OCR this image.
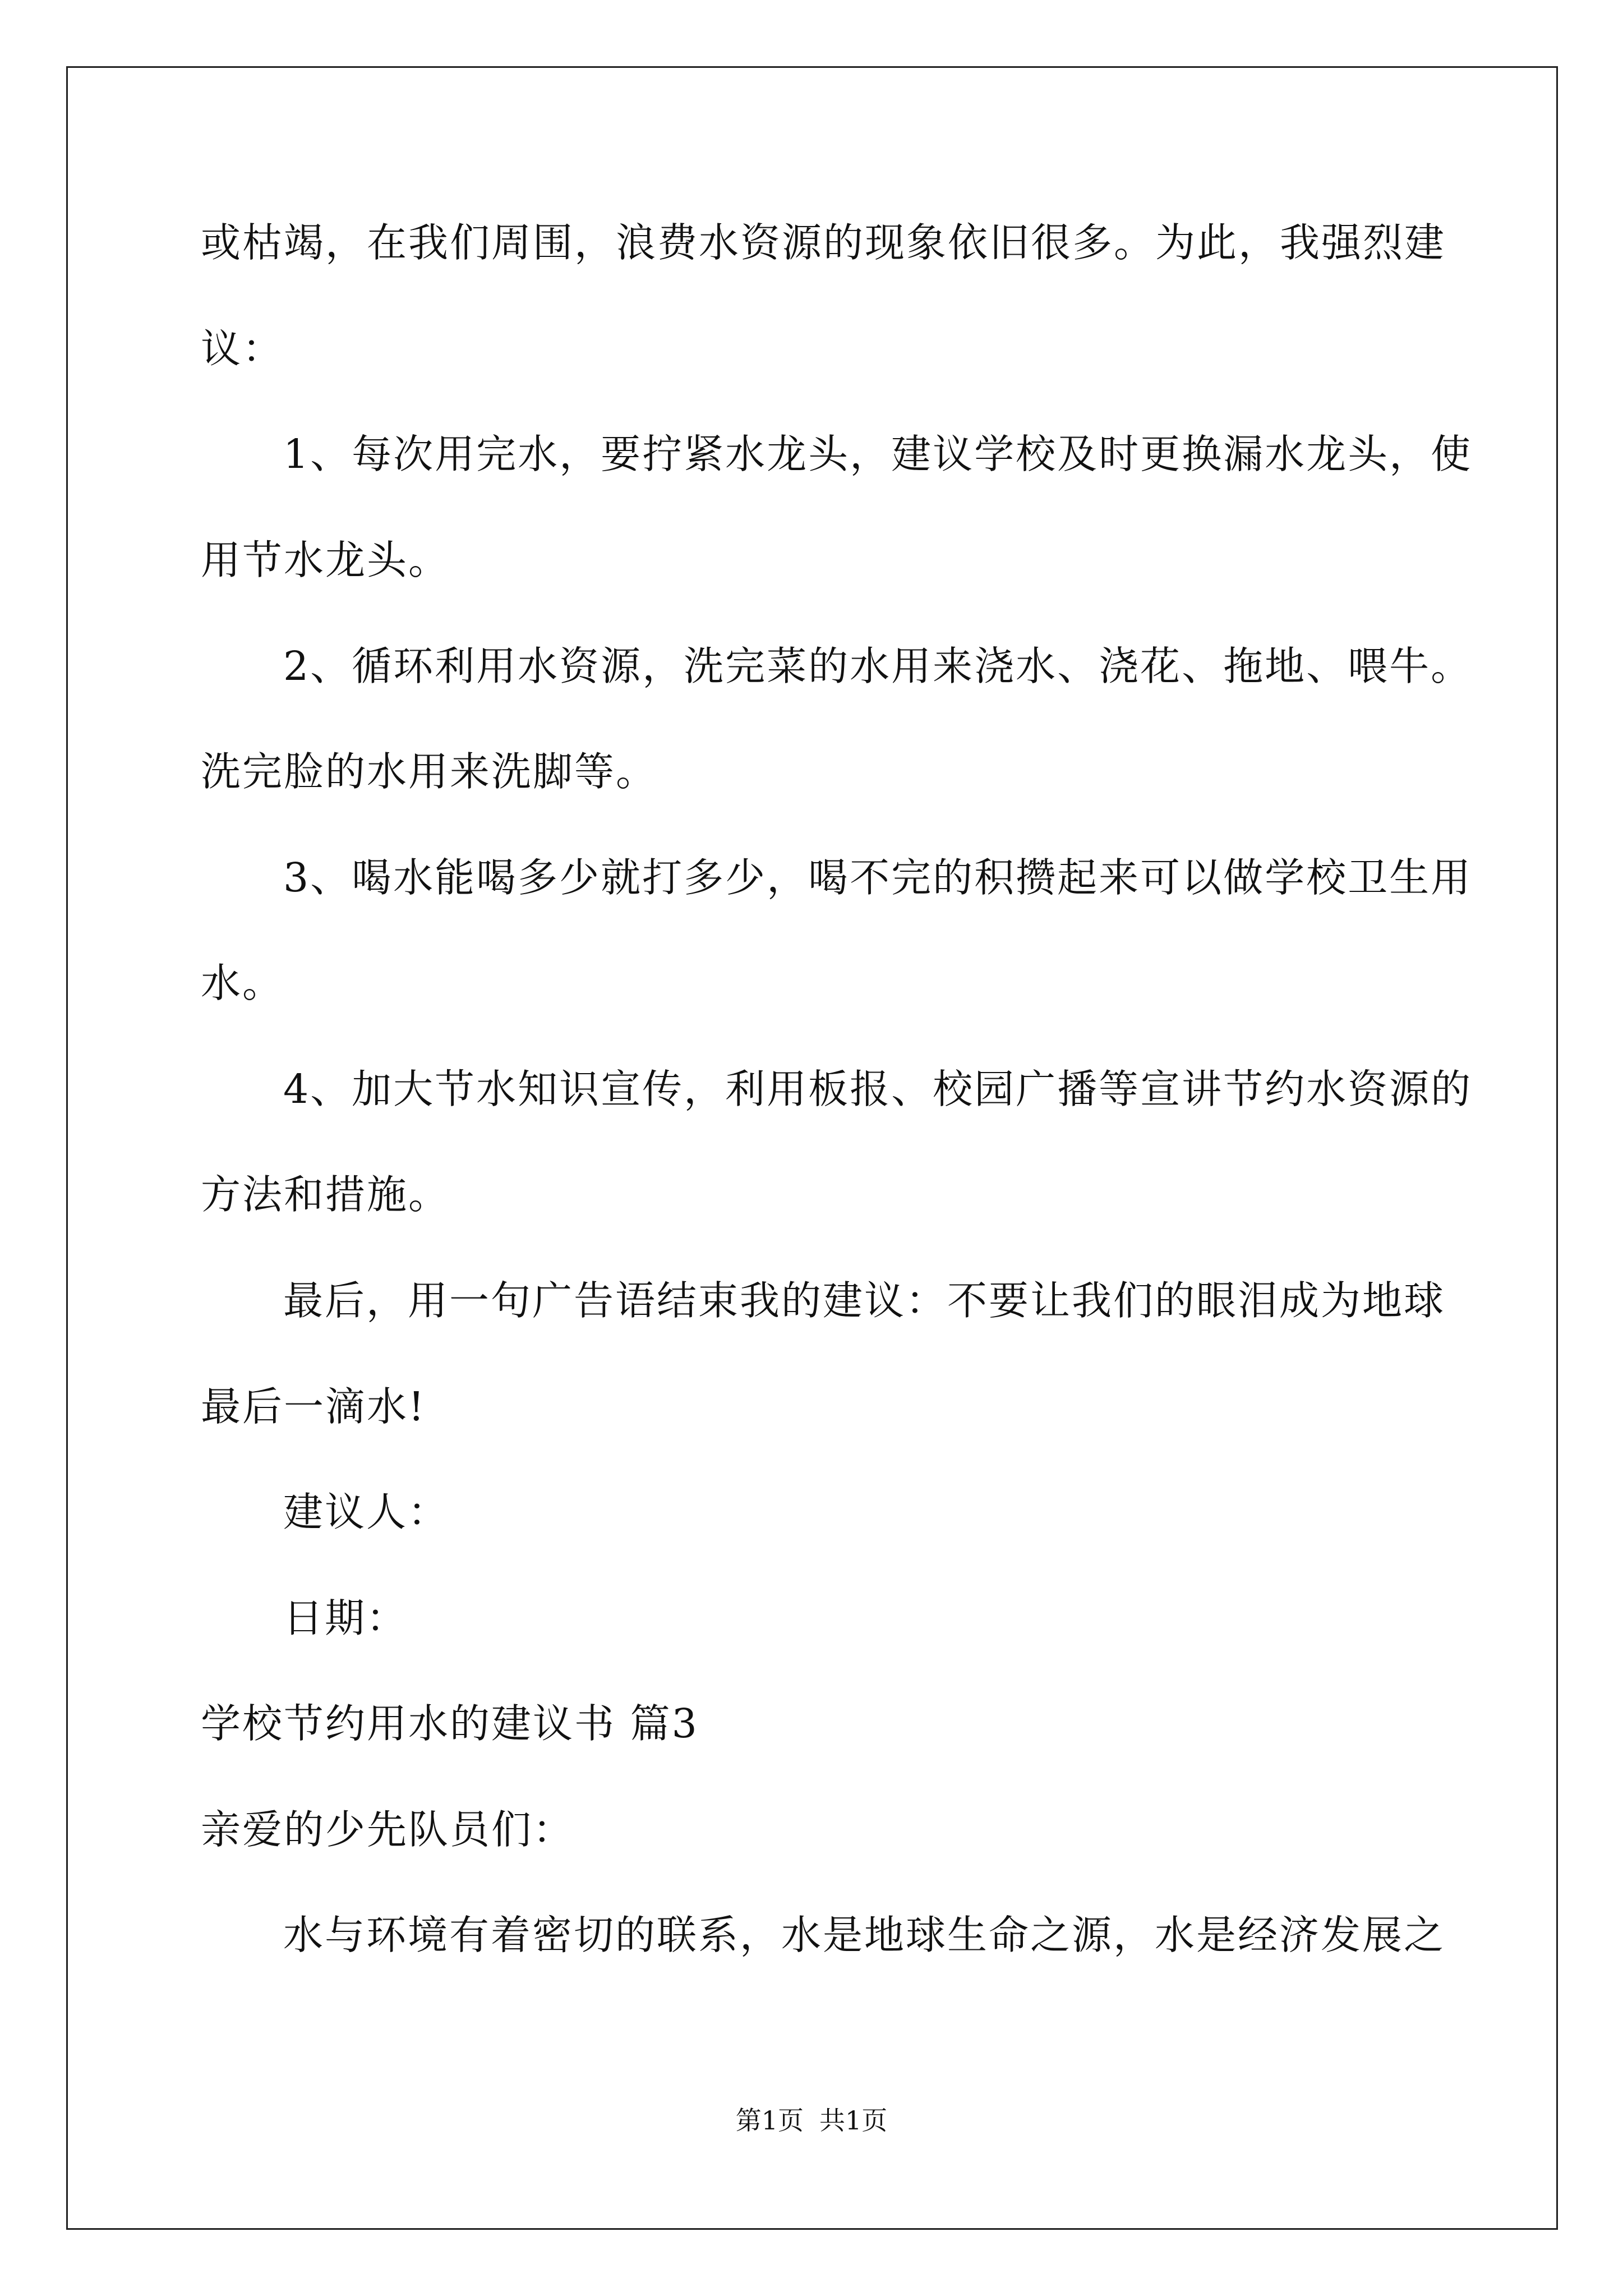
或枯竭，在我们周围，浪费水资源的现象依旧很多。为此，我强烈建
议：
1、每次用完水，要拧紧水龙头，建议学校及时更换漏水龙头，使
用节水龙头。
2、循环利用水资源，洗完菜的水用来浇水、浇花、拖地、喂牛。
洗完脸的水用来洗脚等。
3、喝水能喝多少就打多少，喝不完的积攒起来可以做学校卫生用
水。
4、加大节水知识宣传，利用板报、校园广播等宣讲节约水资源的
方法和措施。
最后，用一句广告语结束我的建议：不要让我们的眼泪成为地球
最后一滴水!
建议人：
日期：
学校节约用水的建议书 篇3
亲爱的少先队员们：
水与环境有着密切的联系，水是地球生命之源，水是经济发展之
第1页 共1页
